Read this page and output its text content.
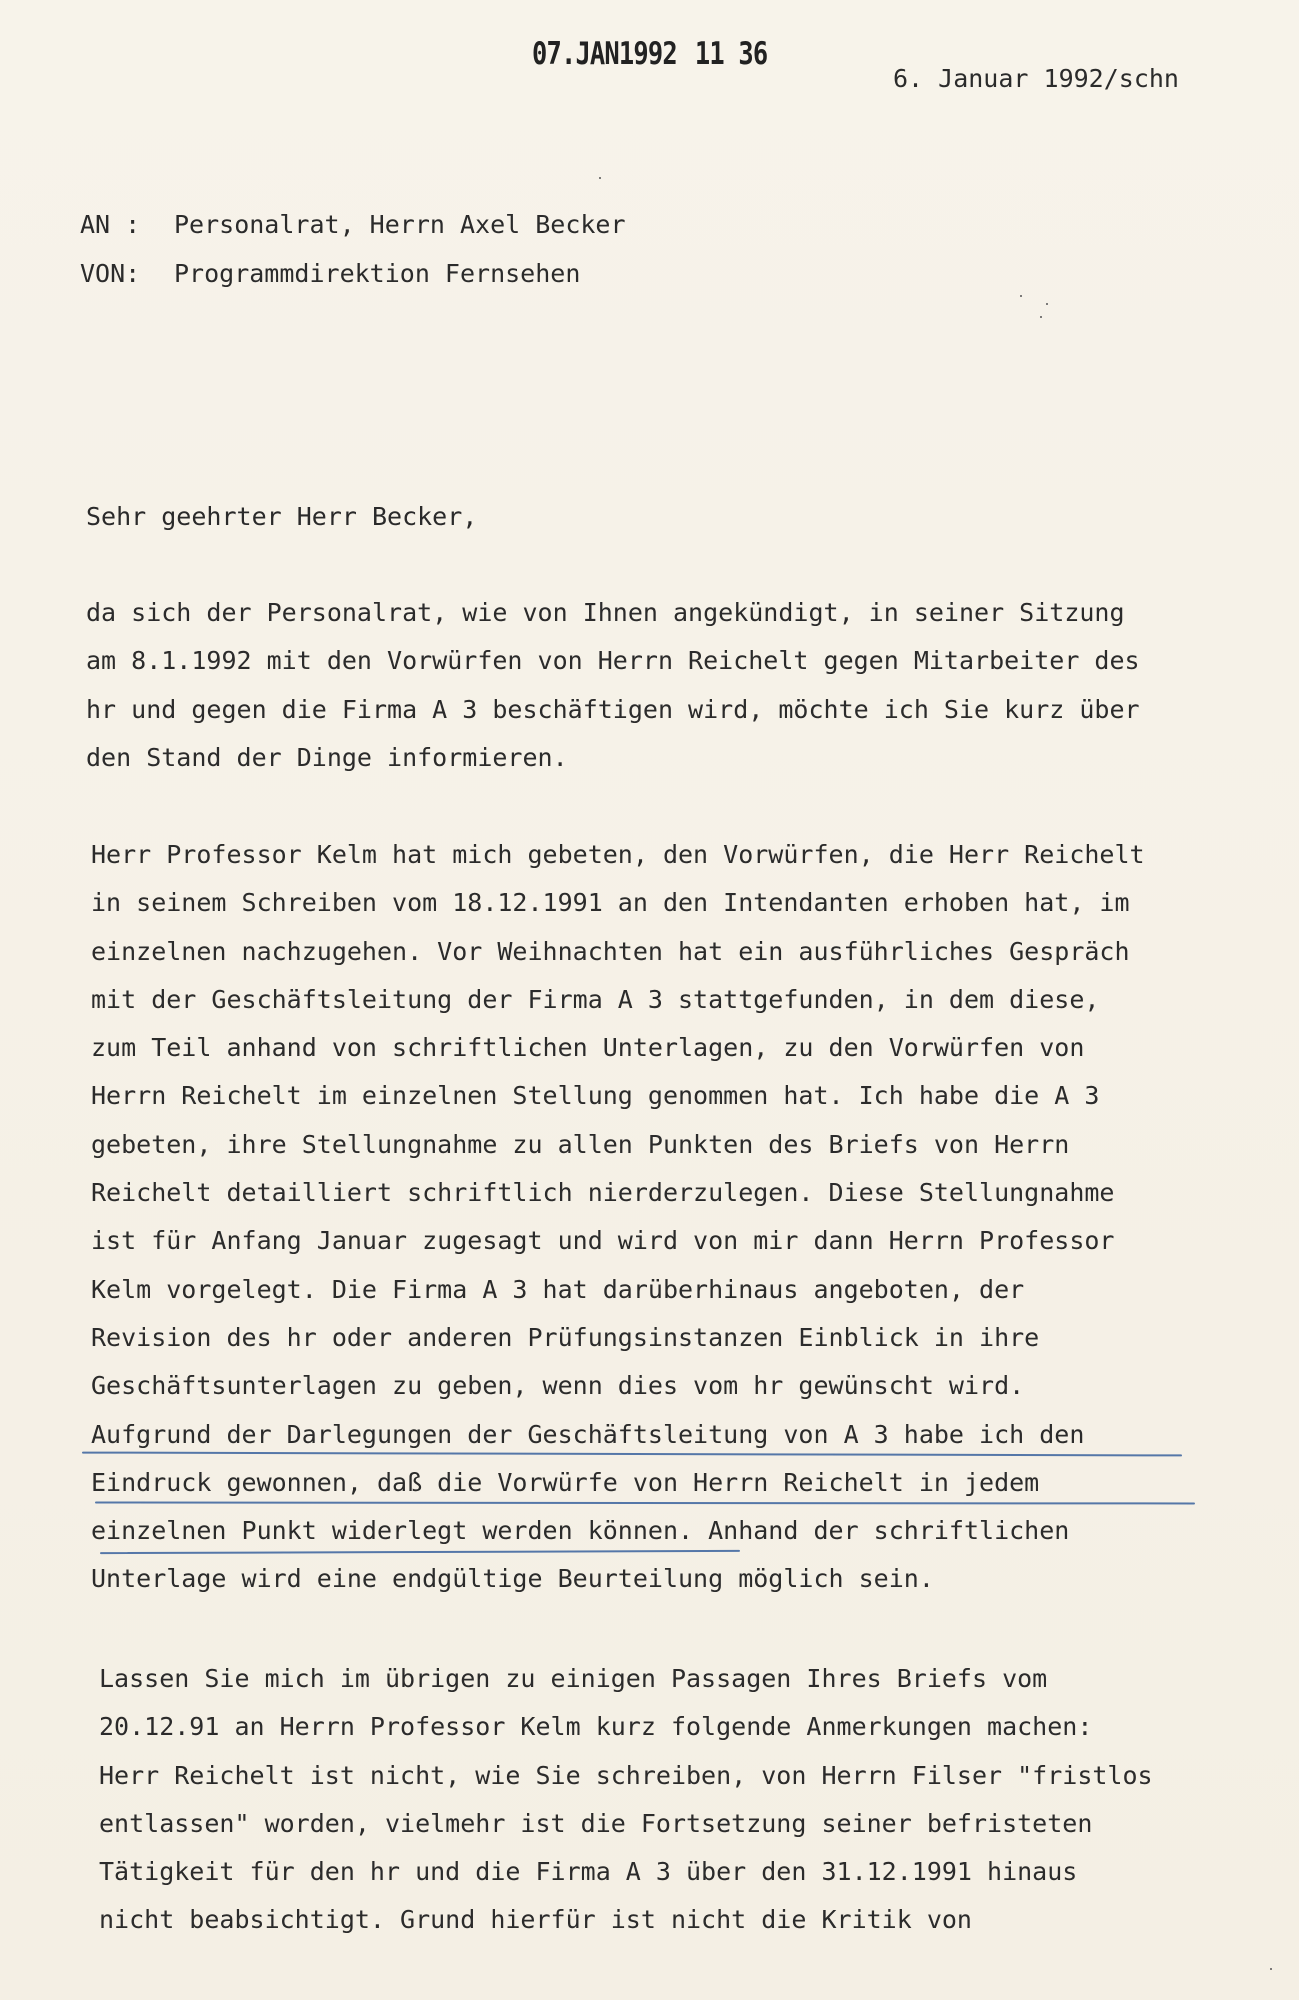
07.JAN1992 11 36
6. Januar 1992/schn
AN :	Personalrat, Herrn Axel Becker
VON:	Programmdirektion Fernsehen
Sehr geehrter Herr Becker,
da sich der Personalrat, wie von Ihnen angekündigt, in seiner Sitzung
am 8.1.1992 mit den Vorwürfen von Herrn Reichelt gegen Mitarbeiter des
hr und gegen die Firma A 3 beschäftigen wird, möchte ich Sie kurz über
den Stand der Dinge informieren.
Herr Professor Kelm hat mich gebeten, den Vorwürfen, die Herr Reichelt
in seinem Schreiben vom 18.12.1991 an den Intendanten erhoben hat, im
einzelnen nachzugehen. Vor Weihnachten hat ein ausführliches Gespräch
mit der Geschäftsleitung der Firma A 3 stattgefunden, in dem diese,
zum Teil anhand von schriftlichen Unterlagen, zu den Vorwürfen von
Herrn Reichelt im einzelnen Stellung genommen hat. Ich habe die A 3
gebeten, ihre Stellungnahme zu allen Punkten des Briefs von Herrn
Reichelt detailliert schriftlich nierderzulegen. Diese Stellungnahme
ist für Anfang Januar zugesagt und wird von mir dann Herrn Professor
Kelm vorgelegt. Die Firma A 3 hat darüberhinaus angeboten, der
Revision des hr oder anderen Prüfungsinstanzen Einblick in ihre
Geschäftsunterlagen zu geben, wenn dies vom hr gewünscht wird.
Aufgrund der Darlegungen der Geschäftsleitung von A 3 habe ich den
Eindruck gewonnen, daß die Vorwürfe von Herrn Reichelt in jedem
einzelnen Punkt widerlegt werden können. Anhand der schriftlichen
Unterlage wird eine endgültige Beurteilung möglich sein.
Lassen Sie mich im übrigen zu einigen Passagen Ihres Briefs vom
20.12.91 an Herrn Professor Kelm kurz folgende Anmerkungen machen:
Herr Reichelt ist nicht, wie Sie schreiben, von Herrn Filser "fristlos
entlassen" worden, vielmehr ist die Fortsetzung seiner befristeten
Tätigkeit für den hr und die Firma A 3 über den 31.12.1991 hinaus
nicht beabsichtigt. Grund hierfür ist nicht die Kritik von
